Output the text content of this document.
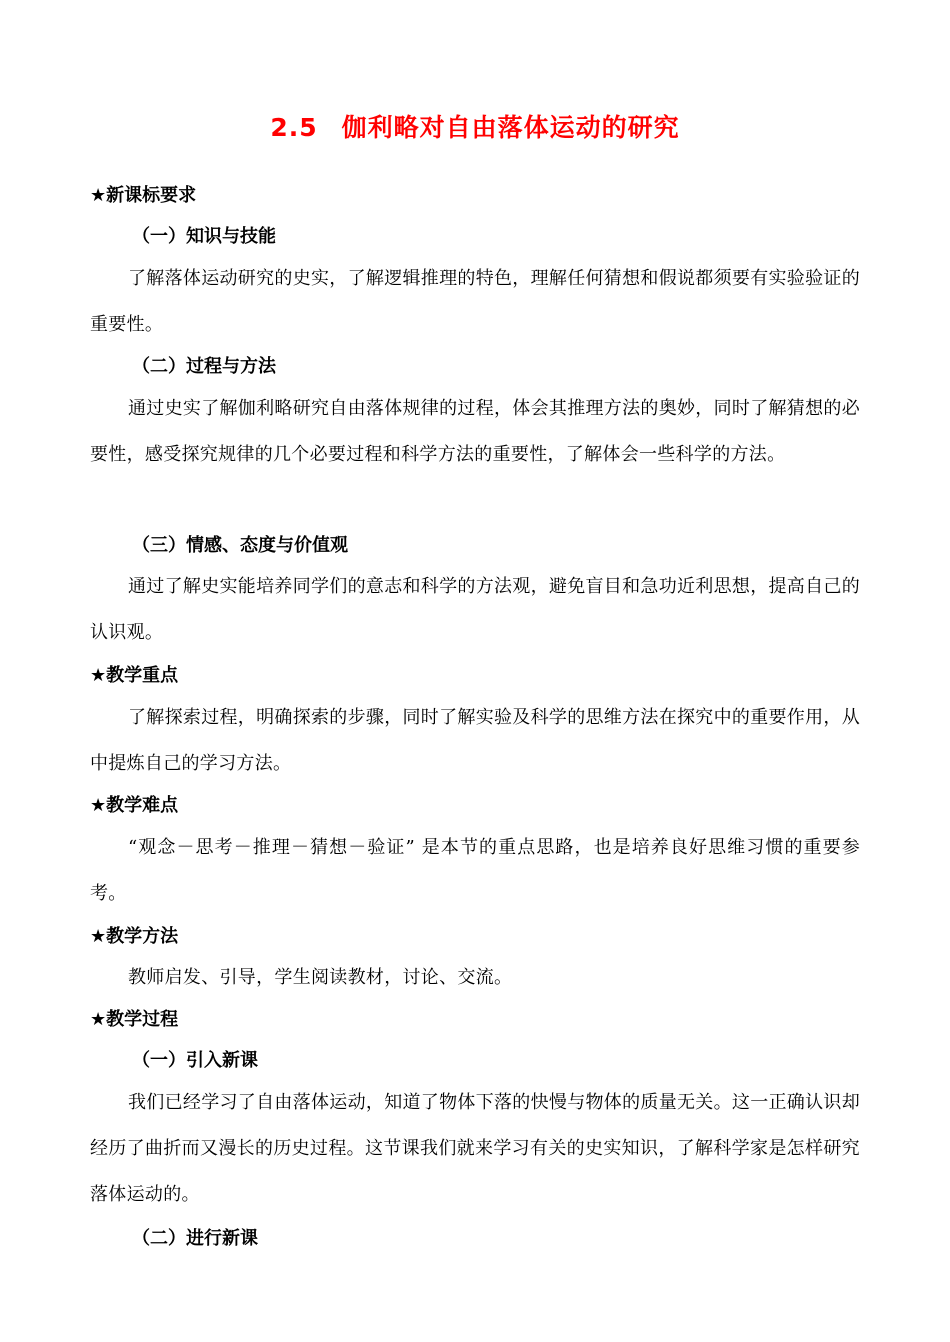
2.5 伽利略对自由落体运动的研究
★新课标要求
（一）知识与技能
了解落体运动研究的史实，了解逻辑推理的特色，理解任何猜想和假说都须要有实验验证的重要性。
（二）过程与方法
通过史实了解伽利略研究自由落体规律的过程，体会其推理方法的奥妙，同时了解猜想的必要性，感受探究规律的几个必要过程和科学方法的重要性，了解体会一些科学的方法。
（三）情感、态度与价值观
通过了解史实能培养同学们的意志和科学的方法观，避免盲目和急功近利思想，提高自己的认识观。
★教学重点
了解探索过程，明确探索的步骤，同时了解实验及科学的思维方法在探究中的重要作用，从中提炼自己的学习方法。
★教学难点
“观念－思考－推理－猜想－验证” 是本节的重点思路，也是培养良好思维习惯的重要参考。
★教学方法
教师启发、引导，学生阅读教材，讨论、交流。
★教学过程
（一）引入新课
我们已经学习了自由落体运动，知道了物体下落的快慢与物体的质量无关。这一正确认识却经历了曲折而又漫长的历史过程。这节课我们就来学习有关的史实知识，了解科学家是怎样研究落体运动的。
（二）进行新课
